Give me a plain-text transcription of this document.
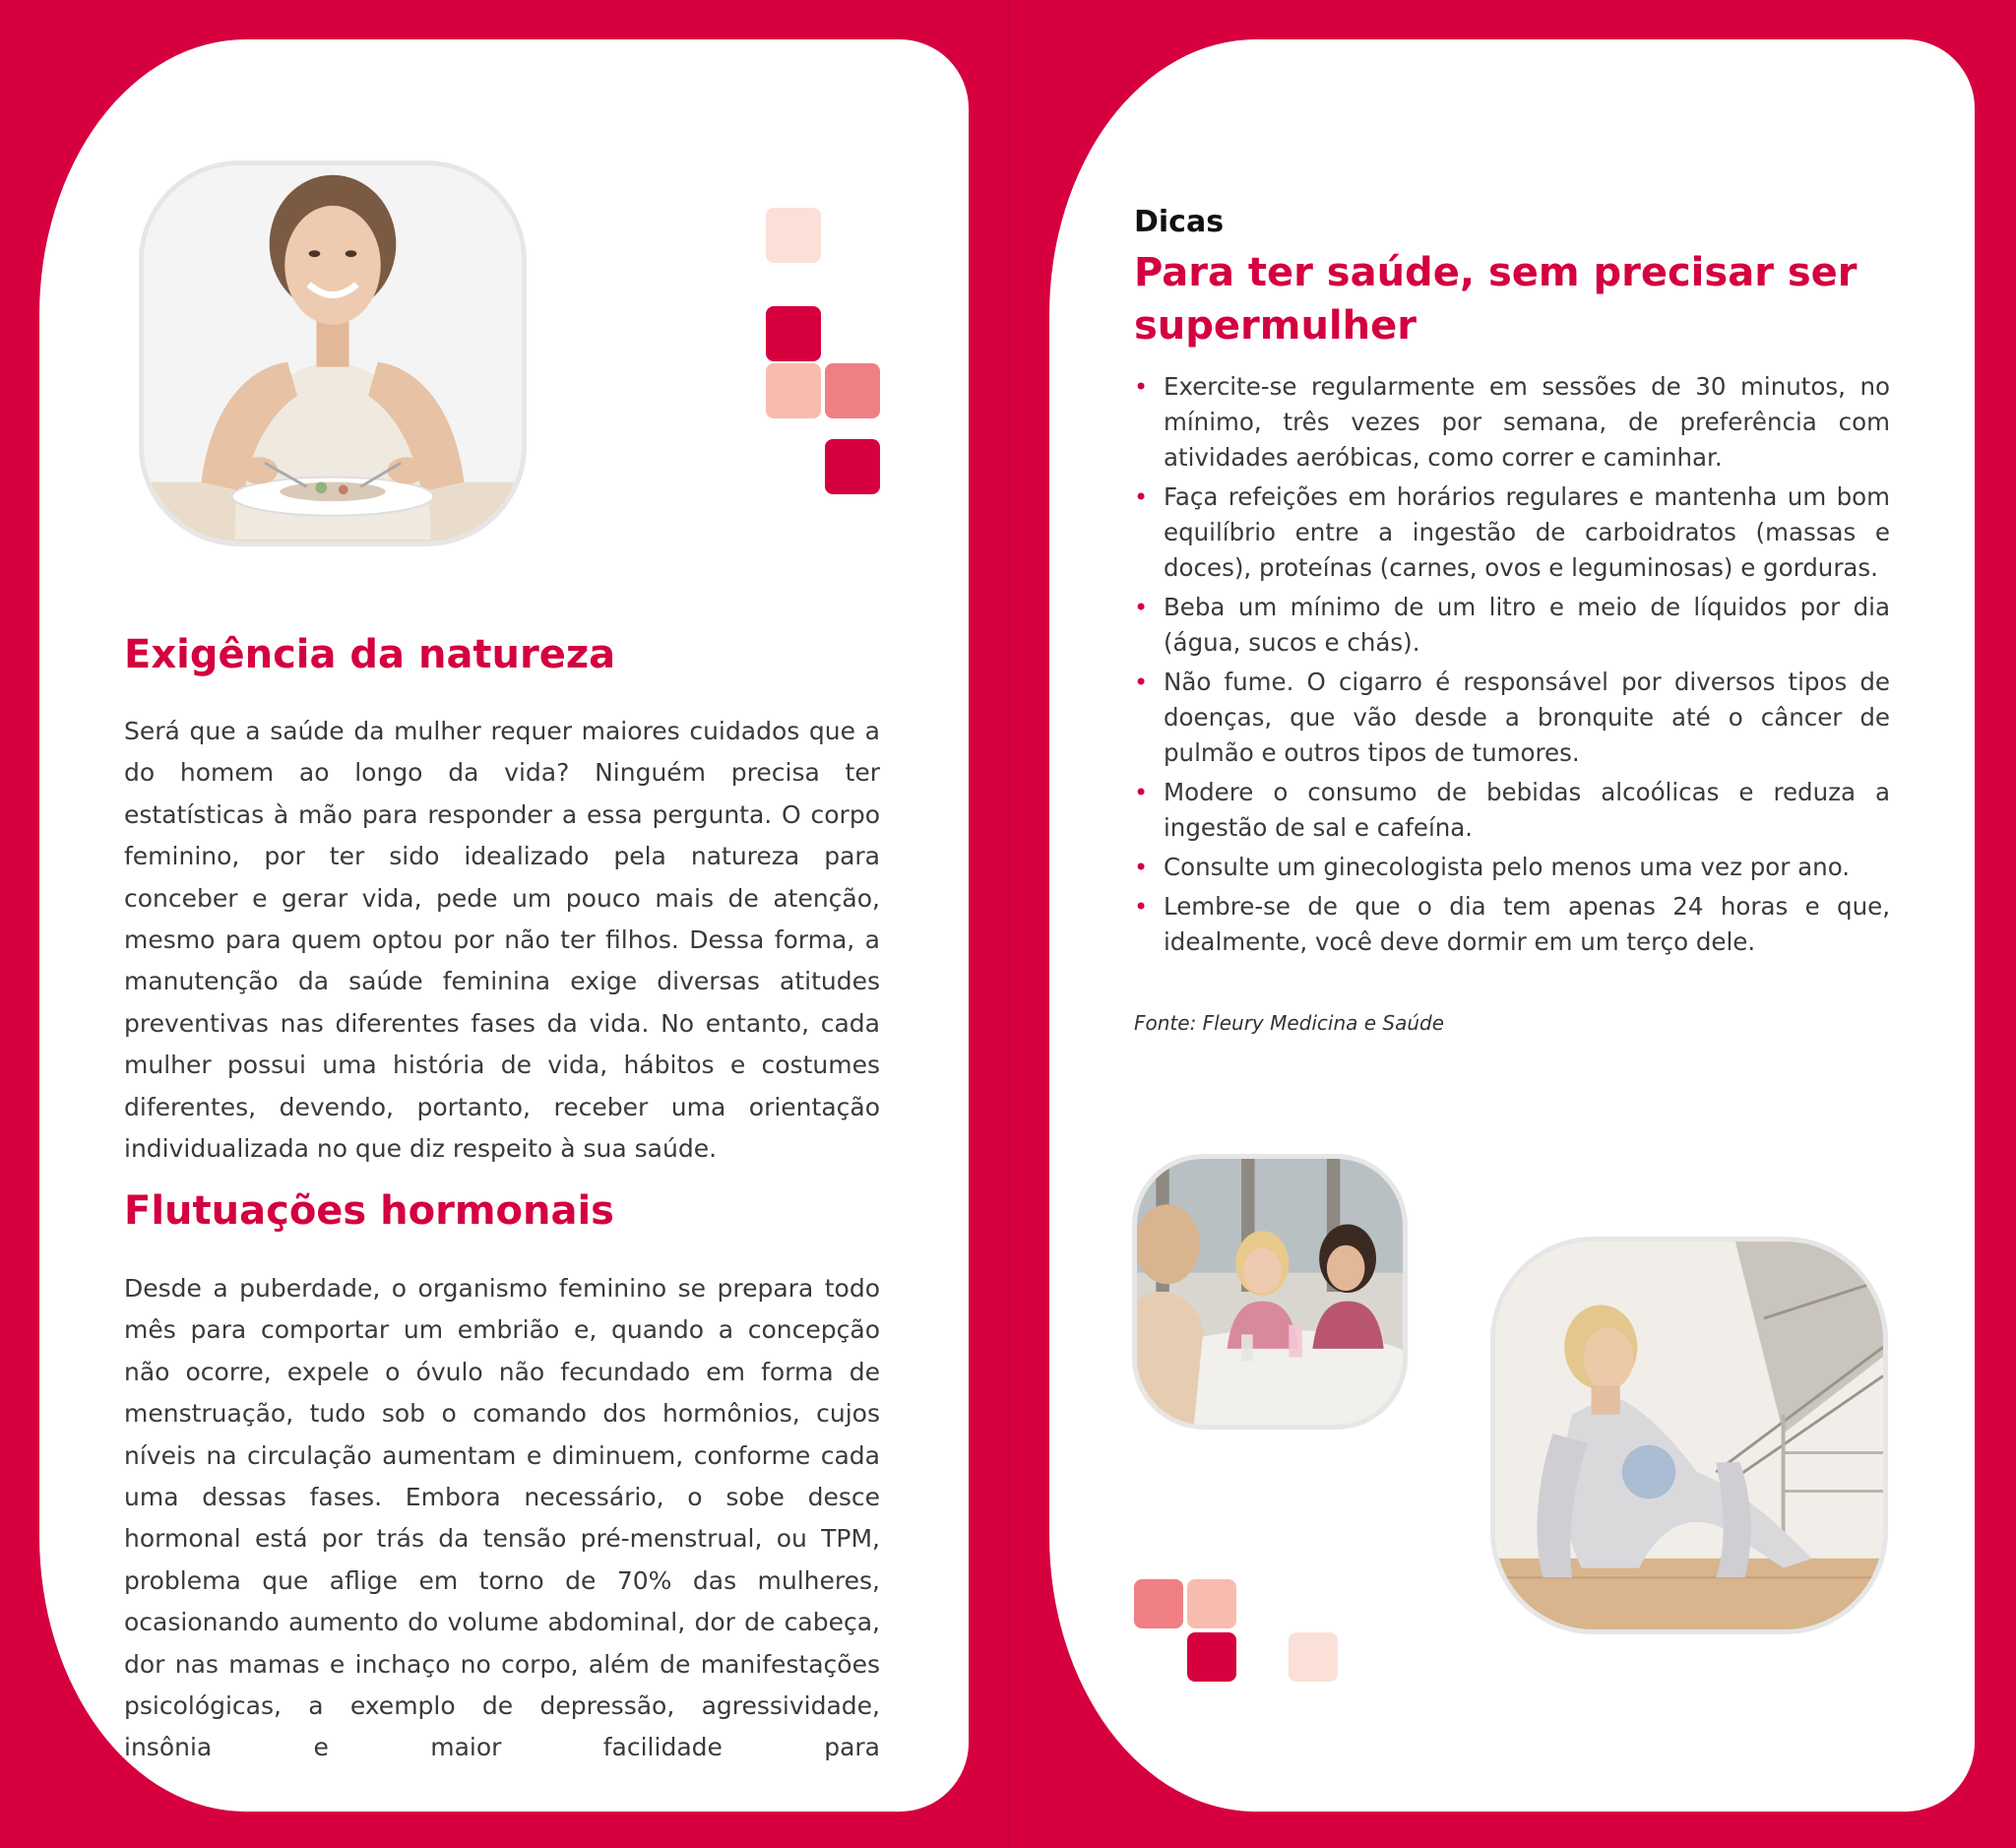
Exigência da natureza

Será que a saúde da mulher requer maiores cuidados que a do homem ao longo da vida? Ninguém precisa ter estatísticas à mão para responder a essa pergunta. O corpo feminino, por ter sido idealizado pela natureza para conceber e gerar vida, pede um pouco mais de atenção, mesmo para quem optou por não ter filhos. Dessa forma, a manutenção da saúde feminina exige diversas atitudes preventivas nas diferentes fases da vida. No entanto, cada mulher possui uma história de vida, hábitos e costumes diferentes, devendo, portanto, receber uma orientação individualizada no que diz respeito à sua saúde.

Flutuações hormonais

Desde a puberdade, o organismo feminino se prepara todo mês para comportar um embrião e, quando a concepção não ocorre, expele o óvulo não fecundado em forma de menstruação, tudo sob o comando dos hormônios, cujos níveis na circulação aumentam e diminuem, conforme cada uma dessas fases. Embora necessário, o sobe desce hormonal está por trás da tensão pré-menstrual, ou TPM, problema que aflige em torno de 70% das mulheres, ocasionando aumento do volume abdominal, dor de cabeça, dor nas mamas e inchaço no corpo, além de manifestações psicológicas, a exemplo de depressão, agressividade, insônia e maior facilidade para

Dicas
Para ter saúde, sem precisar ser supermulher
• Exercite-se regularmente em sessões de 30 minutos, no mínimo, três vezes por semana, de preferência com atividades aeróbicas, como correr e caminhar.
• Faça refeições em horários regulares e mantenha um bom equilíbrio entre a ingestão de carboidratos (massas e doces), proteínas (carnes, ovos e leguminosas) e gorduras.
• Beba um mínimo de um litro e meio de líquidos por dia (água, sucos e chás).
• Não fume. O cigarro é responsável por diversos tipos de doenças, que vão desde a bronquite até o câncer de pulmão e outros tipos de tumores.
• Modere o consumo de bebidas alcoólicas e reduza a ingestão de sal e cafeína.
• Consulte um ginecologista pelo menos uma vez por ano.
• Lembre-se de que o dia tem apenas 24 horas e que, idealmente, você deve dormir em um terço dele.
Fonte: Fleury Medicina e Saúde
